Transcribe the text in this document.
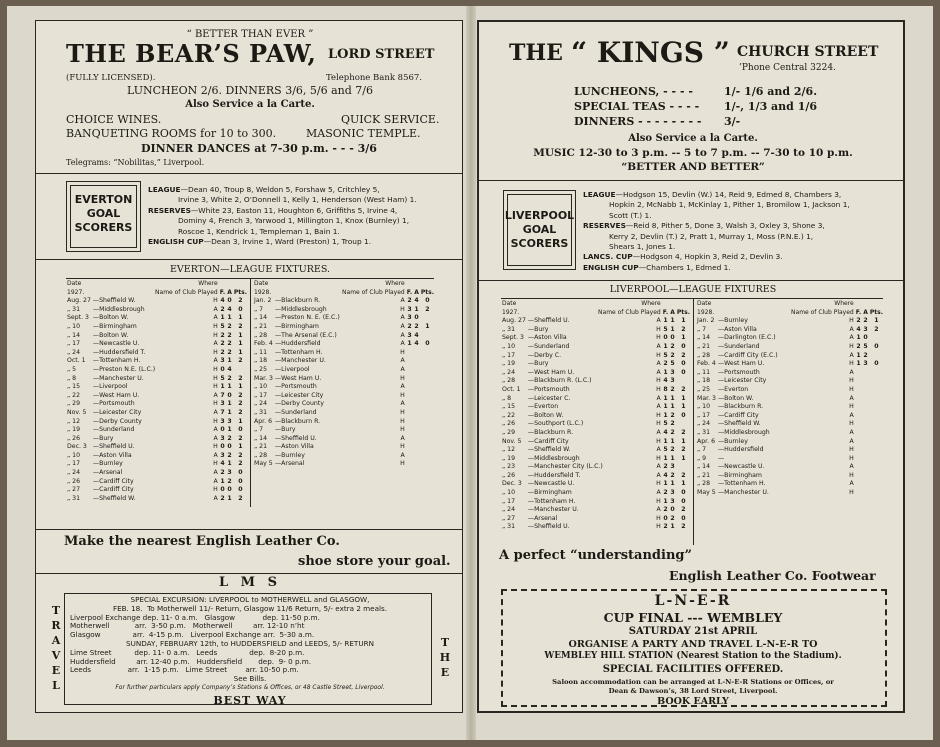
“ BETTER THAN EVER ”
THE BEAR’S PAW, LORD STREET
(FULLY LICENSED).	Telephone Bank 8567.
LUNCHEON 2/6. DINNERS 3/6, 5/6 and 7/6
Also Service a la Carte.
CHOICE WINES.	QUICK SERVICE.
BANQUETING ROOMS for 10 to 300.	MASONIC TEMPLE.
DINNER DANCES at 7-30 p.m. - - - 3/6
Telegrams: “Nobilitas,” Liverpool.
EVERTON
GOAL
SCORERS
LEAGUE—Dean 40, Troup 8, Weldon 5, Forshaw 5, Critchley 5,
Irvine 3, White 2, O’Donnell 1, Kelly 1, Henderson (West Ham) 1.
RESERVES—White 23, Easton 11, Houghton 6, Griffiths 5, Irvine 4,
Dominy 4, French 3, Yarwood 1, Millington 1, Knox (Burnley) 1,
Roscoe 1, Kendrick 1, Templeman 1, Bain 1.
ENGLISH CUP—Dean 3, Irvine 1, Ward (Preston) 1, Troup 1.
EVERTON—LEAGUE FIXTURES.
Date	Where				
1927.	Name of Club Played		F.	A	Pts.
Aug. 27	—Sheffield W.	H	4	0	2
„ 31	—Middlesbrough	A	2	4	0
Sept. 3	—Bolton W.	A	1	1	1
„ 10	—Birmingham	H	5	2	2
„ 14	—Bolton W.	H	2	2	1
„ 17	—Newcastle U.	A	2	2	1
„ 24	—Huddersfield T.	H	2	2	1
Oct. 1	—Tottenham H.	A	3	1	2
„ 5	—Preston N.E. (L.C.)	H	0	4	
„ 8	—Manchester U.	H	5	2	2
„ 15	—Liverpool	H	1	1	1
„ 22	—West Ham U.	A	7	0	2
„ 29	—Portsmouth	H	3	1	2
Nov. 5	—Leicester City	A	7	1	2
„ 12	—Derby County	H	3	3	1
„ 19	—Sunderland	A	0	1	0
„ 26	—Bury	A	3	2	2
Dec. 3	—Sheffield U.	H	0	0	1
„ 10	—Aston Villa	A	3	2	2
„ 17	—Burnley	H	4	1	2
„ 24	—Arsenal	A	2	3	0
„ 26	—Cardiff City	A	1	2	0
„ 27	—Cardiff City	H	0	0	0
„ 31	—Sheffield W.	A	2	1	2
Date	Where				
1928.	Name of Club Played		F.	A	Pts.
Jan. 2	—Blackburn R.	A	2	4	0
„ 7	—Middlesbrough	H	3	1	2
„ 14	—Preston N. E. (E.C.)	A	3	0	
„ 21	—Birmingham	A	2	2	1
„ 28	—The Arsenal (E.C.)	A	3	4	
Feb. 4	—Huddersfield	A	1	4	0
„ 11	—Tottenham H.	H			
„ 18	—Manchester U.	A			
„ 25	—Liverpool	A			
Mar. 3	—West Ham U.	H			
„ 10	—Portsmouth	A			
„ 17	—Leicester City	H			
„ 24	—Derby County	A			
„ 31	—Sunderland	H			
Apr. 6	—Blackburn R.	H			
„ 7	—Bury	H			
„ 14	—Sheffield U.	A			
„ 21	—Aston Villa	H			
„ 28	—Burnley	A			
May 5	—Arsenal	H			
Make the nearest English Leather Co.
shoe store your goal.
L M S
T
R
A
V
E
L
T
H
E
SPECIAL EXCURSION: LIVERPOOL to MOTHERWELL and GLASGOW,
FEB. 18.  To Motherwell 11/- Return, Glasgow 11/6 Return, 5/- extra 2 meals.
Liverpool Exchange dep. 11- 0 a.m.   Glasgow            dep. 11-50 p.m.
Motherwell           arr.  3-50 p.m.   Motherwell         arr. 12-10 n’ht
Glasgow              arr.  4-15 p.m.   Liverpool Exchange arr.  5-30 a.m.
SUNDAY, FEBRUARY 12th, to HUDDERSFIELD and LEEDS, 5/- RETURN
Lime Street          dep. 11- 0 a.m.   Leeds              dep.  8-20 p.m.
Huddersfield         arr. 12-40 p.m.   Huddersfield       dep.  9- 0 p.m.
Leeds                arr.  1-15 p.m.   Lime Street        arr. 10-50 p.m.
See Bills.
For further particulars apply Company’s Stations & Offices, or 48 Castle Street, Liverpool.
BEST WAY
THE “ KINGS ” CHURCH STREET
’Phone Central 3224.
LUNCHEONS, - - - -	1/- 1/6 and 2/6.
SPECIAL TEAS - - - - 1/-, 1/3 and 1/6
DINNERS - - - - - - - - 3/-
Also Service a la Carte.
MUSIC 12-30 to 3 p.m. -- 5 to 7 p.m. -- 7-30 to 10 p.m.
“BETTER AND BETTER”
LIVERPOOL
GOAL
SCORERS
LEAGUE—Hodgson 15, Devlin (W.) 14, Reid 9, Edmed 8, Chambers 3,
Hopkin 2, McNabb 1, McKinlay 1, Pither 1, Bromilow 1, Jackson 1,
Scott (T.) 1.
RESERVES—Reid 8, Pither 5, Done 3, Walsh 3, Oxley 3, Shone 3,
Kerry 2, Devlin (T.) 2, Pratt 1, Murray 1, Moss (P.N.E.) 1,
Shears 1, Jones 1.
LANCS. CUP—Hodgson 4, Hopkin 3, Reid 2, Devlin 3.
ENGLISH CUP—Chambers 1, Edmed 1.
LIVERPOOL—LEAGUE FIXTURES
Date	Where				
1927.	Name of Club Played		F.	A	Pts.
Aug. 27	—Sheffield U.	A	1	1	1
„ 31	—Bury	H	5	1	2
Sept. 3	—Aston Villa	H	0	0	1
„ 10	—Sunderland	A	1	2	0
„ 17	—Derby C.	H	5	2	2
„ 19	—Bury	A	2	5	0
„ 24	—West Ham U.	A	1	3	0
„ 28	—Blackburn R. (L.C.)	H	4	3	
Oct. 1	—Portsmouth	H	8	2	2
„ 8	—Leicester C.	A	1	1	1
„ 15	—Everton	A	1	1	1
„ 22	—Bolton W.	H	1	2	0
„ 26	—Southport (L.C.)	H	5	2	
„ 29	—Blackburn R.	A	4	2	2
Nov. 5	—Cardiff City	H	1	1	1
„ 12	—Sheffield W.	A	5	2	2
„ 19	—Middlesbrough	H	1	1	1
„ 23	—Manchester City (L.C.)	A	2	3	
„ 26	—Huddersfield T.	A	4	2	2
Dec. 3	—Newcastle U.	H	1	1	1
„ 10	—Birmingham	A	2	3	0
„ 17	—Tottenham H.	H	1	3	0
„ 24	—Manchester U.	A	2	0	2
„ 27	—Arsenal	H	0	2	0
„ 31	—Sheffield U.	H	2	1	2
Date	Where				
1928.	Name of Club Played		F.	A	Pts.
Jan. 2	—Burnley	H	2	2	1
„ 7	—Aston Villa	A	4	3	2
„ 14	—Darlington (E.C.)	A	1	0	
„ 21	—Sunderland	H	2	5	0
„ 28	—Cardiff City (E.C.)	A	1	2	
Feb. 4	—West Ham U.	H	1	3	0
„ 11	—Portsmouth	A			
„ 18	—Leicester City	H			
„ 25	—Everton	H			
Mar. 3	—Bolton W.	A			
„ 10	—Blackburn R.	H			
„ 17	—Cardiff City	A			
„ 24	—Sheffield W.	H			
„ 31	—Middlesbrough	A			
Apr. 6	—Burnley	A			
„ 7	—Huddersfield	H			
„ 9	—	H			
„ 14	—Newcastle U.	A			
„ 21	—Birmingham	H			
„ 28	—Tottenham H.	A			
May 5	—Manchester U.	H			
A perfect “understanding”
English Leather Co. Footwear
L-N-E-R
CUP FINAL --- WEMBLEY
SATURDAY 21st APRIL
ORGANISE A PARTY AND TRAVEL L-N-E-R TO
WEMBLEY HILL STATION (Nearest Station to the Stadium).
SPECIAL FACILITIES OFFERED.
Saloon accommodation can be arranged at L-N-E-R Stations or Offices, or
Dean & Dawson’s, 38 Lord Street, Liverpool.
BOOK EARLY
